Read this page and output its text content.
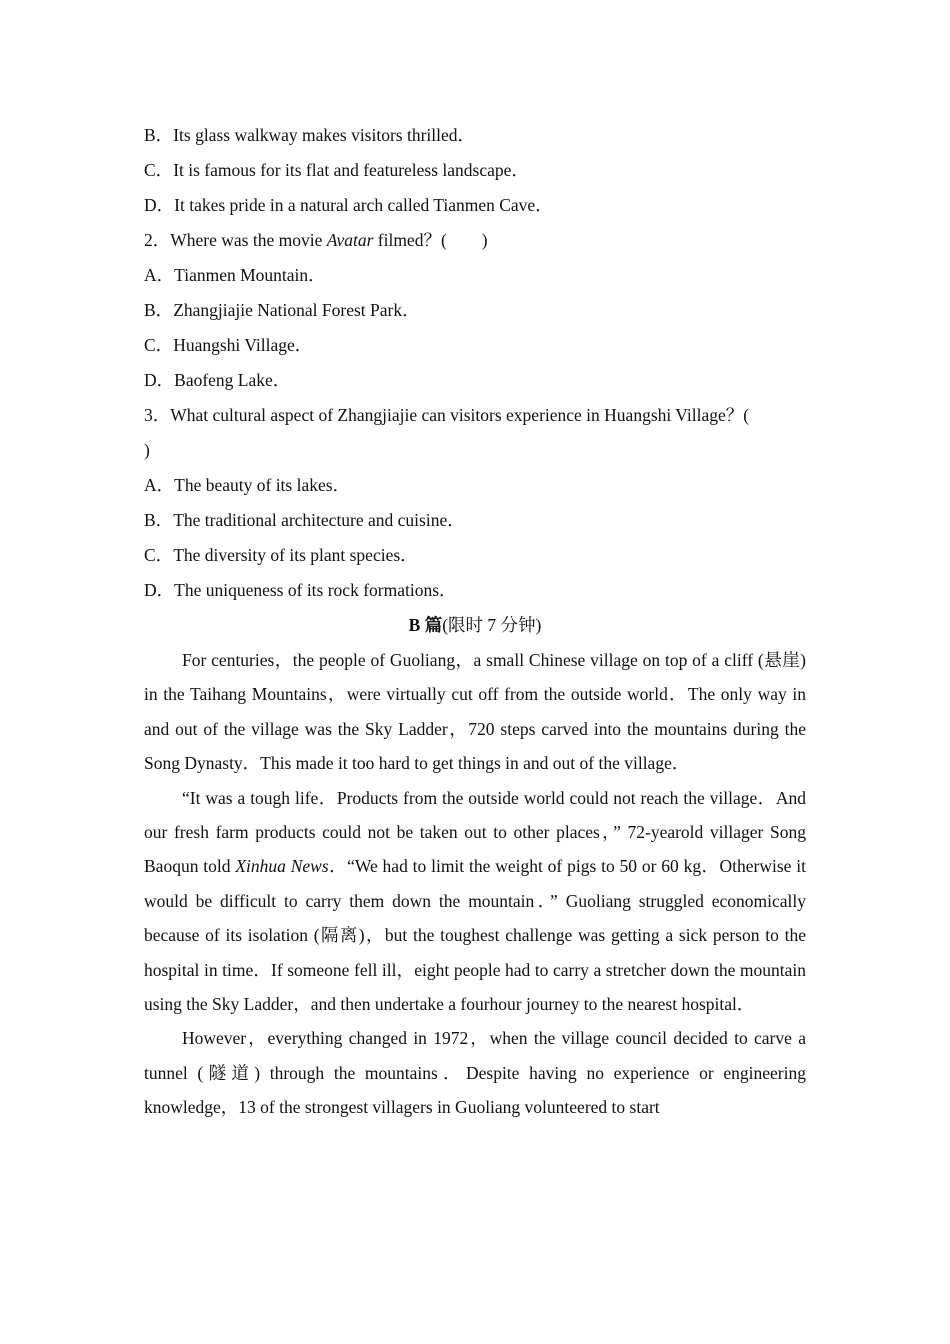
B．Its glass walkway makes visitors thrilled．
C．It is famous for its flat and featureless landscape．
D．It takes pride in a natural arch called Tianmen Cave．
2．Where was the movie Avatar filmed？(　　)
A．Tianmen Mountain．
B．Zhangjiajie National Forest Park．
C．Huangshi Village．
D．Baofeng Lake．
3．What cultural aspect of Zhangjiajie can visitors experience in Huangshi Village？(
)
A．The beauty of its lakes．
B．The traditional architecture and cuisine．
C．The diversity of its plant species．
D．The uniqueness of its rock formations．
B 篇(限时 7 分钟)

For centuries，the people of Guoliang，a small Chinese village on top of a cliff (悬崖) in the Taihang Mountains，were virtually cut off from the outside world．The only way in and out of the village was the Sky Ladder，720 steps carved into the mountains during the Song Dynasty．This made it too hard to get things in and out of the village．

“It was a tough life．Products from the outside world could not reach the village．And our fresh farm products could not be taken out to other places，” 72-yearold villager Song Baoqun told Xinhua News．“We had to limit the weight of pigs to 50 or 60 kg．Otherwise it would be difficult to carry them down the mountain．” Guoliang struggled economically because of its isolation (隔离)，but the toughest challenge was getting a sick person to the hospital in time．If someone fell ill，eight people had to carry a stretcher down the mountain using the Sky Ladder，and then undertake a fourhour journey to the nearest hospital．

However，everything changed in 1972，when the village council decided to carve a tunnel (隧道) through the mountains．Despite having no experience or engineering knowledge，13 of the strongest villagers in Guoliang volunteered to start
